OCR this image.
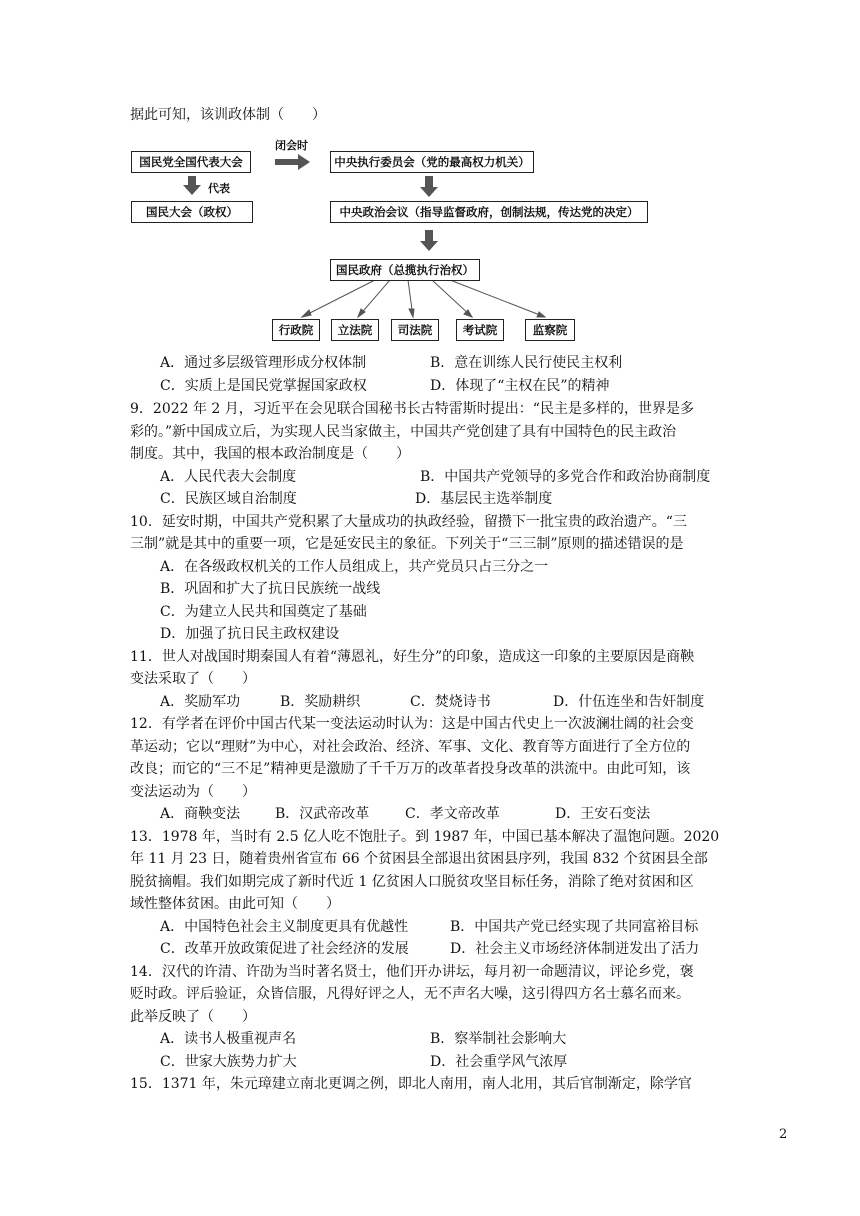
据此可知，该训政体制（　　）
国民党全国代表大会
代表
国民大会（政权）
闭会时
中央执行委员会（党的最高权力机关）
中央政治会议（指导监督政府，创制法规，传达党的决定）
国民政府（总揽执行治权）
行政院	立法院	司法院	考试院	监察院
A．通过多层级管理形成分权体制	B．意在训练人民行使民主权利
C．实质上是国民党掌握国家政权	D．体现了“主权在民”的精神
9．2022 年 2 月，习近平在会见联合国秘书长古特雷斯时提出：“民主是多样的，世界是多
彩的。”新中国成立后，为实现人民当家做主，中国共产党创建了具有中国特色的民主政治
制度。其中，我国的根本政治制度是（　　）
A．人民代表大会制度	B．中国共产党领导的多党合作和政治协商制度
C．民族区域自治制度	D．基层民主选举制度
10．延安时期，中国共产党积累了大量成功的执政经验，留攒下一批宝贵的政治遗产。“三
三制”就是其中的重要一项，它是延安民主的象征。下列关于“三三制”原则的描述错误的是
A．在各级政权机关的工作人员组成上，共产党员只占三分之一
B．巩固和扩大了抗日民族统一战线
C．为建立人民共和国奠定了基础
D．加强了抗日民主政权建设
11．世人对战国时期秦国人有着“薄恩礼，好生分”的印象，造成这一印象的主要原因是商鞅
变法采取了（　　）
A．奖励军功	B．奖励耕织	C．焚烧诗书	D．什伍连坐和告奸制度
12．有学者在评价中国古代某一变法运动时认为：这是中国古代史上一次波澜壮阔的社会变
革运动；它以“理财”为中心，对社会政治、经济、军事、文化、教育等方面进行了全方位的
改良；而它的“三不足”精神更是激励了千千万万的改革者投身改革的洪流中。由此可知，该
变法运动为（　　）
A．商鞅变法 B．汉武帝改革	C．孝文帝改革	D．王安石变法
13．1978 年，当时有 2.5 亿人吃不饱肚子。到 1987 年，中国已基本解决了温饱问题。2020
年 11 月 23 日，随着贵州省宣布 66 个贫困县全部退出贫困县序列，我国 832 个贫困县全部
脱贫摘帽。我们如期完成了新时代近 1 亿贫困人口脱贫攻坚目标任务，消除了绝对贫困和区
域性整体贫困。由此可知（　　）
A．中国特色社会主义制度更具有优越性	B．中国共产党已经实现了共同富裕目标
C．改革开放政策促进了社会经济的发展	D．社会主义市场经济体制迸发出了活力
14．汉代的许清、许劭为当时著名贤士，他们开办讲坛，每月初一命题清议，评论乡党，褒
贬时政。评后验证，众皆信服，凡得好评之人，无不声名大噪，这引得四方名士慕名而来。
此举反映了（　　）
A．读书人极重视声名	B．察举制社会影响大
C．世家大族势力扩大	D．社会重学风气浓厚
15．1371 年，朱元璋建立南北更调之例，即北人南用，南人北用，其后官制渐定，除学官
2
